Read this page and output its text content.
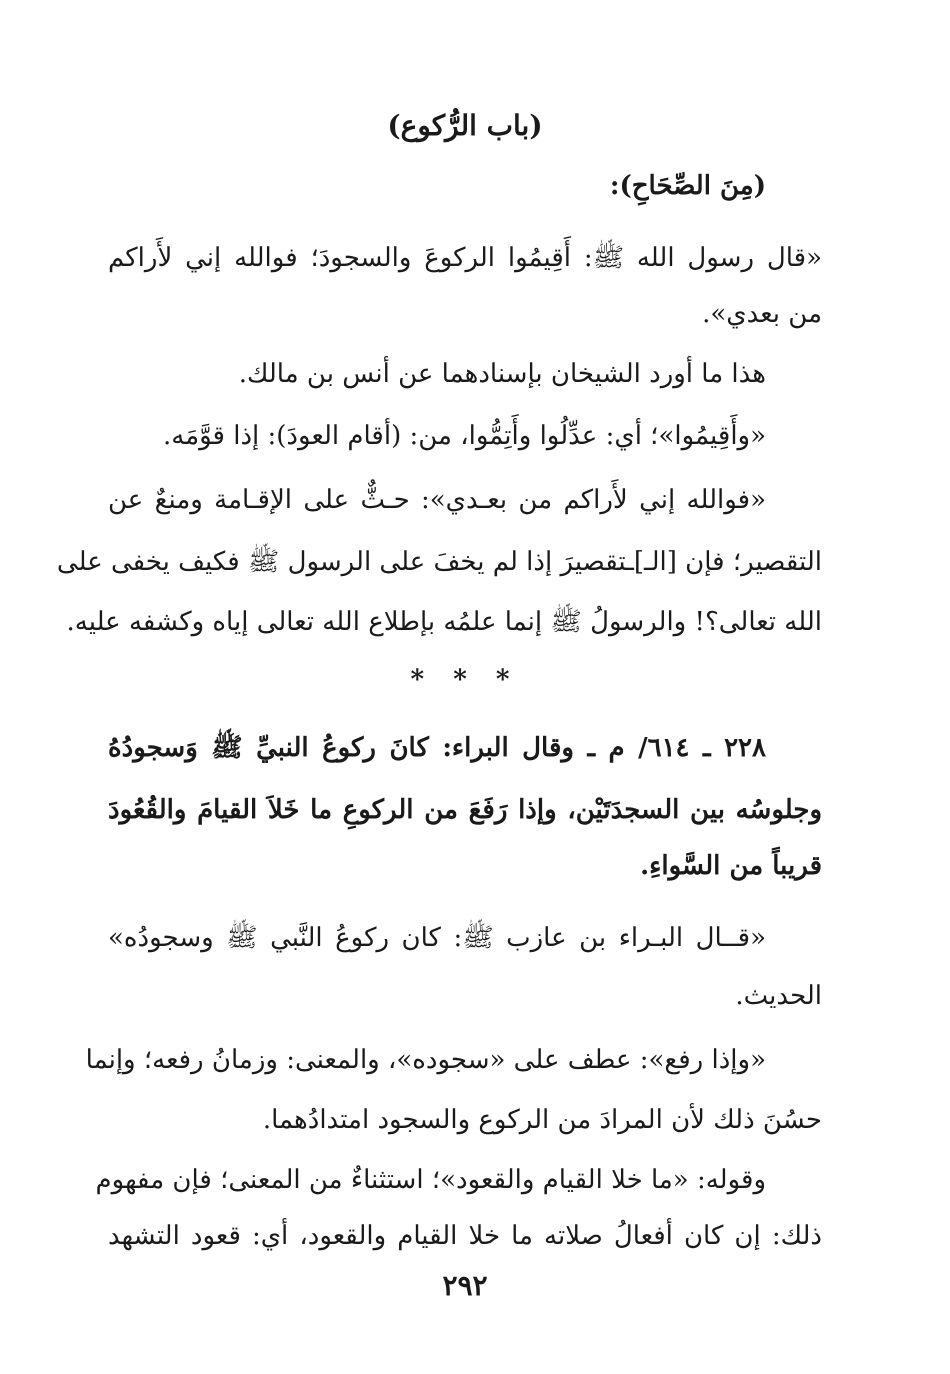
(باب الرُّكوع)
(مِنَ الصِّحَاحِ):
«قال رسول الله ﷺ: أَقِيمُوا الركوعَ والسجودَ؛ فوالله إني لأَراكم
من بعدي».
هذا ما أورد الشيخان بإسنادهما عن أنس بن مالك.
«وأَقِيمُوا»؛ أي: عدِّلُوا وأَتِمُّوا، من: (أقام العودَ): إذا قوَّمَه.
«فوالله إني لأَراكم من بعـدي»: حـثٌّ على الإقـامة ومنعٌ عن
التقصير؛ فإن [الـ]ـتقصيرَ إذا لم يخفَ على الرسول ﷺ فكيف يخفى على
الله تعالى؟! والرسولُ ﷺ إنما علمُه بإطلاع الله تعالى إياه وكشفه عليه.
* * *
٢٢٨ ـ ٦١٤/ م ـ وقال البراء: كانَ ركوعُ النبيِّ ﷺ وَسجودُهُ
وجلوسُه بين السجدَتَيْن، وإذا رَفَعَ من الركوعِ ما خَلاَ القيامَ والقُعُودَ
قريباً من السَّواءِ.
«قــال البـراء بن عازب ﷺ: كان ركوعُ النَّبي ﷺ وسجودُه»
الحديث.
«وإذا رفع»: عطف على «سجوده»، والمعنى: وزمانُ رفعه؛ وإنما
حسُنَ ذلك لأن المرادَ من الركوع والسجود امتدادُهما.
وقوله: «ما خلا القيام والقعود»؛ استثناءٌ من المعنى؛ فإن مفهوم
ذلك: إن كان أفعالُ صلاته ما خلا القيام والقعود، أي: قعود التشهد
٢٩٢
